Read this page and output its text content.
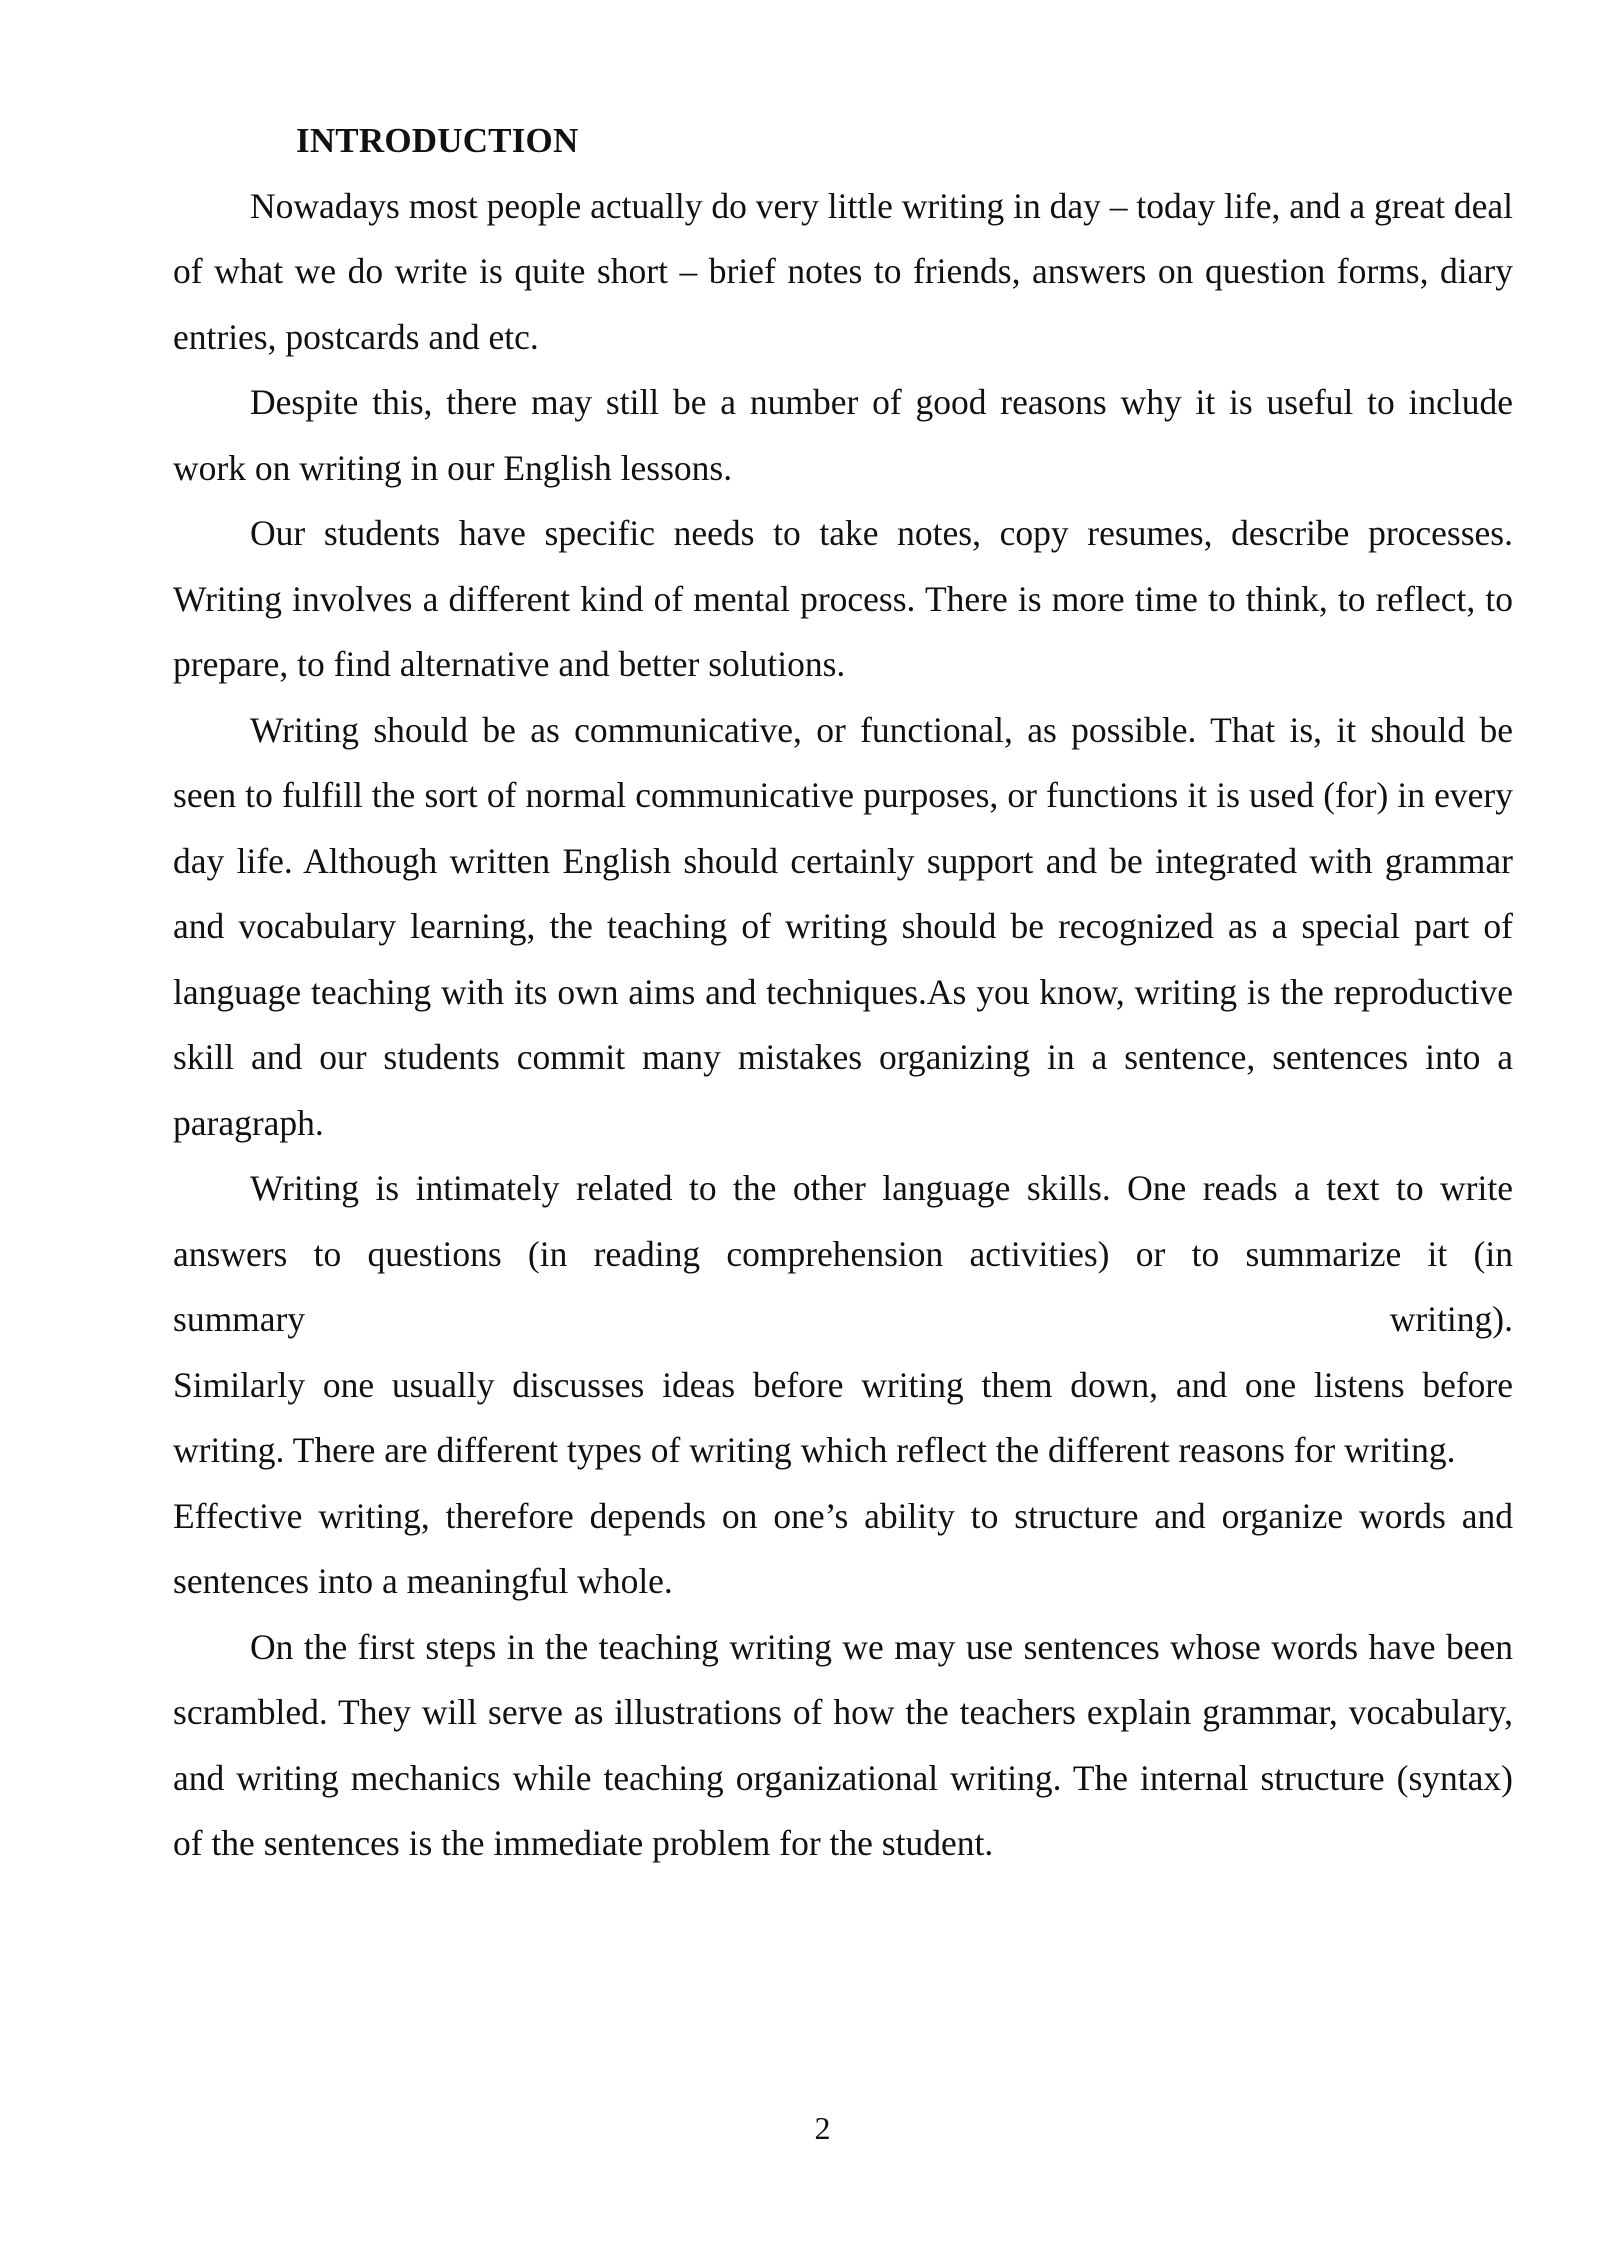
INTRODUCTION

Nowadays most people actually do very little writing in day – today life, and a great deal of what we do write is quite short – brief notes to friends, answers on question forms, diary entries, postcards and etc.

Despite this, there may still be a number of good reasons why it is useful to include work on writing in our English lessons.

Our students have specific needs to take notes, copy resumes, describe processes. Writing involves a different kind of mental process. There is more time to think, to reflect, to prepare, to find alternative and better solutions.

Writing should be as communicative, or functional, as possible. That is, it should be seen to fulfill the sort of normal communicative purposes, or functions it is used (for) in every day life. Although written English should certainly support and be integrated with grammar and vocabulary learning, the teaching of writing should be recognized as a special part of language teaching with its own aims and techniques.As you know, writing is the reproductive skill and our students commit many mistakes organizing in a sentence, sentences into a paragraph.

Writing is intimately related to the other language skills. One reads a text to write answers to questions (in reading comprehension activities) or to summarize it (in

summary writing).

Similarly one usually discusses ideas before writing them down, and one listens before writing. There are different types of writing which reflect the different reasons for writing.

Effective writing, therefore depends on one’s ability to structure and organize words and sentences into a meaningful whole.

On the first steps in the teaching writing we may use sentences whose words have been scrambled. They will serve as illustrations of how the teachers explain grammar, vocabulary, and writing mechanics while teaching organizational writing. The internal structure (syntax) of the sentences is the immediate problem for the student.

2
